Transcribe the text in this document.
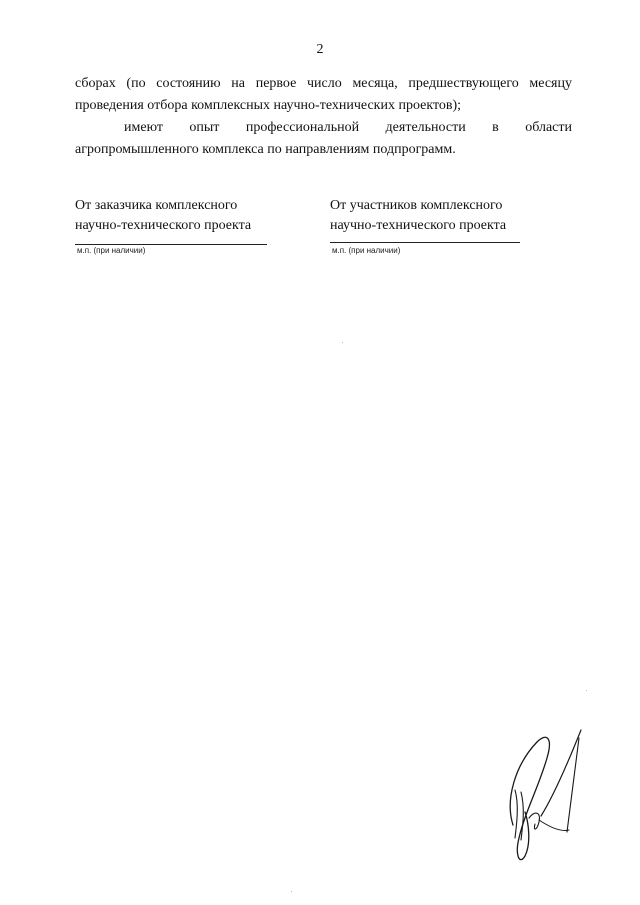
2

сборах (по состоянию на первое число месяца, предшествующего месяцу

проведения отбора комплексных научно-технических проектов);

имеют опыт профессиональной деятельности в области

агропромышленного комплекса по направлениям подпрограмм.

От заказчика комплексного
научно-технического проекта
м.п. (при наличии)
От участников комплексного
научно-технического проекта
м.п. (при наличии)
